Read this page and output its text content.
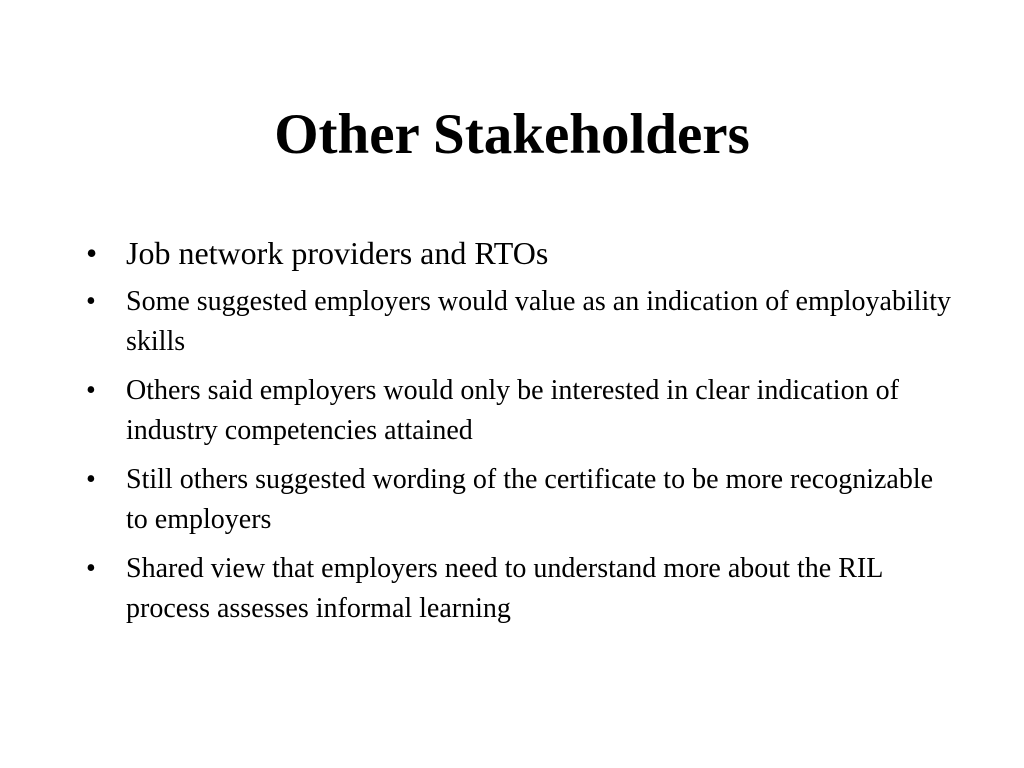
Other Stakeholders
• Job network providers and RTOs
•	Some suggested employers would value as an indication of employability skills
•	Others said employers would only be interested in clear indication of industry competencies attained
•	Still others suggested wording of the certificate to be more recognizable to employers
•	Shared view that employers need to understand more about the RIL process assesses informal learning
